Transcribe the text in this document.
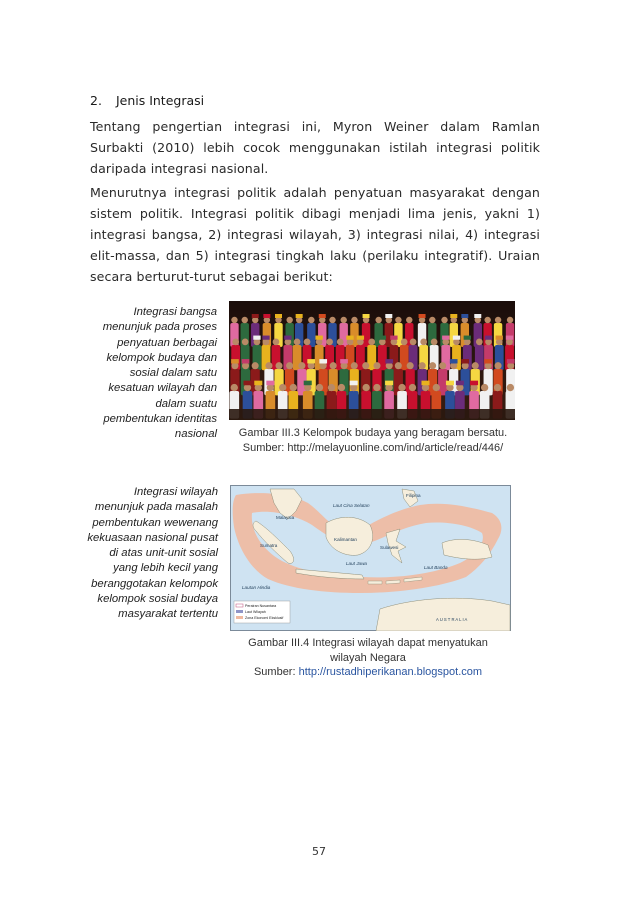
2. Jenis Integrasi
Tentang pengertian integrasi ini, Myron Weiner dalam Ramlan Surbakti (2010) lebih cocok menggunakan istilah integrasi politik daripada integrasi nasional.
Menurutnya integrasi politik adalah penyatuan masyarakat dengan sistem politik. Integrasi politik dibagi menjadi lima jenis, yakni 1) integrasi bangsa, 2) integrasi wilayah, 3) integrasi nilai, 4) integrasi elit-massa, dan 5) integrasi tingkah laku (perilaku integratif). Uraian secara berturut-turut sebagai berikut:
Integrasi bangsa menunjuk pada proses penyatuan berbagai kelompok budaya dan sosial dalam satu kesatuan wilayah dan dalam suatu pembentukan identitas nasional	Gambar III.3 Kelompok budaya yang beragam bersatu.
Sumber: http://melayuonline.com/ind/article/read/446/
Integrasi wilayah menunjuk pada masalah pembentukan wewenang kekuasaan nasional pusat di atas unit-unit sosial yang lebih kecil yang beranggotakan kelompok kelompok sosial budaya masyarakat tertentu
Filipina
Laut Cina Selatan
Malaysia
Sumatra
Kalimantan
Sulawesi
Laut Jawa
Laut Banda
Lautan Hindia
A U S T R A L I A
Perairan Nusantara
Laut Wilayah
Zona Ekonomi Eksklusif
Gambar III.4 Integrasi wilayah dapat menyatukan
wilayah Negara
Sumber: http://rustadhiperikanan.blogspot.com
57
